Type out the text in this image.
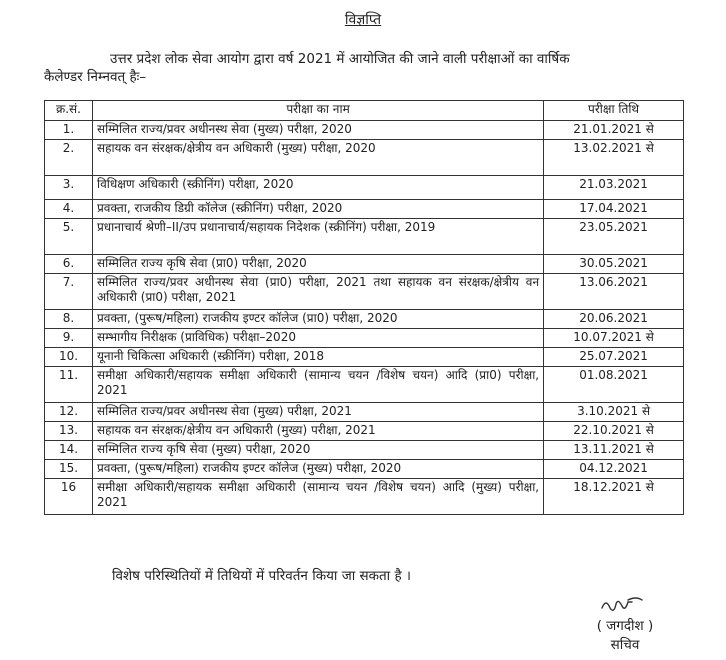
विज्ञप्ति
उत्तर प्रदेश लोक सेवा आयोग द्वारा वर्ष 2021 में आयोजित की जाने वाली परीक्षाओं का वार्षिक
कैलेण्डर निम्नवत् हैः–
क्र.सं.	परीक्षा का नाम	परीक्षा तिथि
1.	सम्मिलित राज्य/प्रवर अधीनस्थ सेवा (मुख्य) परीक्षा, 2020	21.01.2021 से
2.	सहायक वन संरक्षक/क्षेत्रीय वन अधिकारी (मुख्य) परीक्षा, 2020	13.02.2021 से
3.	विधिक्षण अधिकारी (स्क्रीनिंग) परीक्षा, 2020	21.03.2021
4.	प्रवक्ता, राजकीय डिग्री कॉलेज (स्क्रीनिंग) परीक्षा, 2020	17.04.2021
5.	प्रधानाचार्य श्रेणी–II/उप प्रधानाचार्य/सहायक निदेशक (स्क्रीनिंग) परीक्षा, 2019	23.05.2021
6.	सम्मिलित राज्य कृषि सेवा (प्रा0) परीक्षा, 2020	30.05.2021
7.	सम्मिलित राज्य/प्रवर अधीनस्थ सेवा (प्रा0) परीक्षा, 2021 तथा सहायक वन संरक्षक/क्षेत्रीय वन अधिकारी (प्रा0) परीक्षा, 2021	13.06.2021
8.	प्रवक्ता, (पुरूष/महिला) राजकीय इण्टर कॉलेज (प्रा0) परीक्षा, 2020	20.06.2021
9.	सम्भागीय निरीक्षक (प्राविधिक) परीक्षा–2020	10.07.2021 से
10.	यूनानी चिकित्सा अधिकारी (स्क्रीनिंग) परीक्षा, 2018	25.07.2021
11.	समीक्षा अधिकारी/सहायक समीक्षा अधिकारी (सामान्य चयन /विशेष चयन) आदि (प्रा0) परीक्षा, 2021	01.08.2021
12.	सम्मिलित राज्य/प्रवर अधीनस्थ सेवा (मुख्य) परीक्षा, 2021	3.10.2021 से
13.	सहायक वन संरक्षक/क्षेत्रीय वन अधिकारी (मुख्य) परीक्षा, 2021	22.10.2021 से
14.	सम्मिलित राज्य कृषि सेवा (मुख्य) परीक्षा, 2020	13.11.2021 से
15.	प्रवक्ता, (पुरूष/महिला) राजकीय इण्टर कॉलेज (मुख्य) परीक्षा, 2020	04.12.2021
16	समीक्षा अधिकारी/सहायक समीक्षा अधिकारी (सामान्य चयन /विशेष चयन) आदि (मुख्य) परीक्षा, 2021	18.12.2021 से
विशेष परिस्थितियों में तिथियों में परिवर्तन किया जा सकता है ।
( जगदीश )
सचिव
